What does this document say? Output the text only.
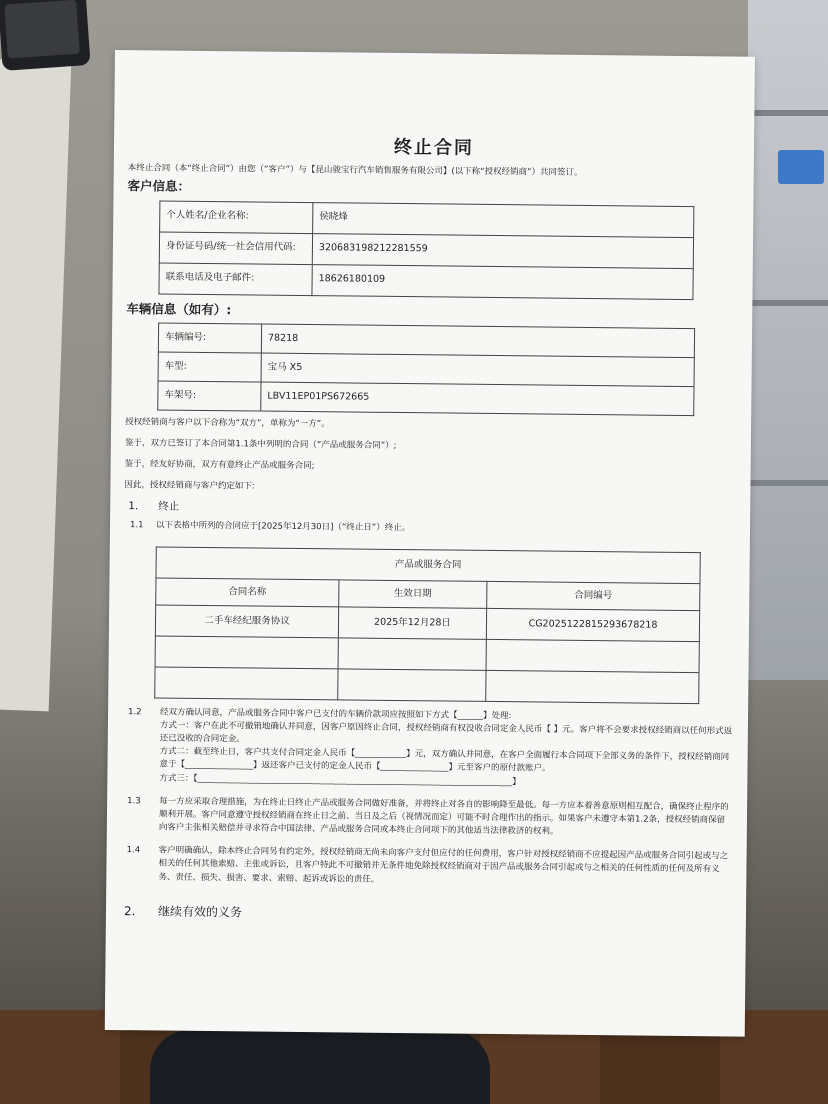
终止合同
本终止合同（本“终止合同”）由您（“客户”）与【昆山骏宝行汽车销售服务有限公司】(以下称“授权经销商”）共同签订。
客户信息：
个人姓名/企业名称:	侯晓烽
身份证号码/统一社会信用代码:	320683198212281559
联系电话及电子邮件:	18626180109
车辆信息（如有）:
车辆编号:	78218
车型:	宝马 X5
车架号:	LBV11EP01PS672665
授权经销商与客户以下合称为“双方”，单称为“一方”。
鉴于，双方已签订了本合同第1.1条中列明的合同（“产品或服务合同”）;
鉴于，经友好协商，双方有意终止产品或服务合同;
因此，授权经销商与客户约定如下:
1. 终止
1.1 以下表格中所列的合同应于[2025年12月30日]（“终止日”）终止。
产品或服务合同		
合同名称	生效日期	合同编号
二手车经纪服务协议	2025年12月28日	CG2025122815293678218

1.2	经双方确认同意，产品或服务合同中客户已支付的车辆价款项应按照如下方式【______】处理:
方式一：客户在此不可撤销地确认并同意，因客户原因终止合同，授权经销商有权没收合同定金人民币【 】元。客户将不会要求授权经销商以任何形式返还已没收的合同定金。
方式二：截至终止日，客户共支付合同定金人民币【____________】元，双方确认并同意，在客户全面履行本合同项下全部义务的条件下，授权经销商同意于【________________】返还客户已支付的定金人民币【________________】元至客户的原付款账户。
方式三：【__________________________________________________________________________】
1.3	每一方应采取合理措施，为在终止日终止产品或服务合同做好准备，并将终止对各自的影响降至最低。每一方应本着善意原则相互配合，确保终止程序的顺利开展。客户同意遵守授权经销商在终止日之前、当日及之后（视情况而定）可能不时合理作出的指示。如果客户未遵守本第1.2条，授权经销商保留向客户主张相关赔偿并寻求符合中国法律、产品或服务合同或本终止合同项下的其他适当法律救济的权利。
1.4	客户明确确认，除本终止合同另有约定外，授权经销商无尚未向客户支付但应付的任何费用，客户针对授权经销商不应提起因产品或服务合同引起或与之相关的任何其他索赔、主张或诉讼，且客户特此不可撤销并无条件地免除授权经销商对于因产品或服务合同引起或与之相关的任何性质的任何及所有义务、责任、损失、损害、要求、索赔、起诉或诉讼的责任。
2. 继续有效的义务
